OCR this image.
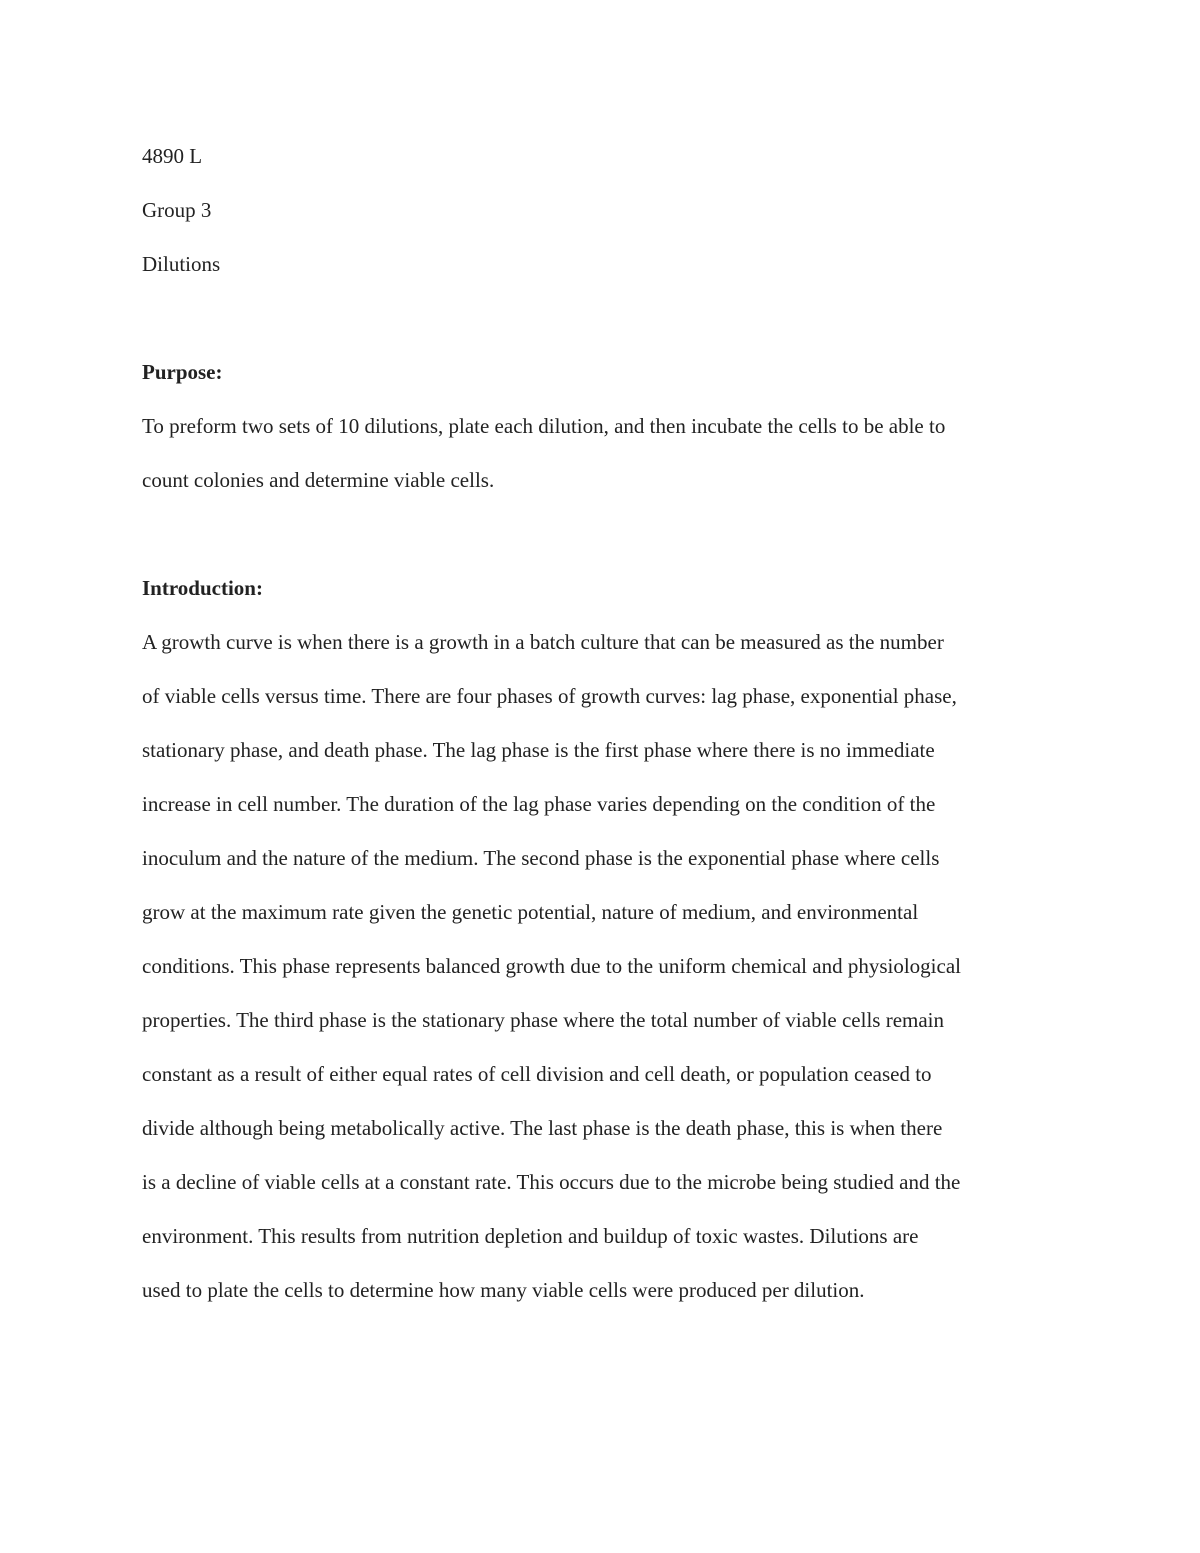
4890 L
Group 3
Dilutions
Purpose:
To preform two sets of 10 dilutions, plate each dilution, and then incubate the cells to be able to
count colonies and determine viable cells.
Introduction:
A growth curve is when there is a growth in a batch culture that can be measured as the number
of viable cells versus time. There are four phases of growth curves: lag phase, exponential phase,
stationary phase, and death phase. The lag phase is the first phase where there is no immediate
increase in cell number. The duration of the lag phase varies depending on the condition of the
inoculum and the nature of the medium. The second phase is the exponential phase where cells
grow at the maximum rate given the genetic potential, nature of medium, and environmental
conditions. This phase represents balanced growth due to the uniform chemical and physiological
properties. The third phase is the stationary phase where the total number of viable cells remain
constant as a result of either equal rates of cell division and cell death, or population ceased to
divide although being metabolically active. The last phase is the death phase, this is when there
is a decline of viable cells at a constant rate. This occurs due to the microbe being studied and the
environment. This results from nutrition depletion and buildup of toxic wastes. Dilutions are
used to plate the cells to determine how many viable cells were produced per dilution.
